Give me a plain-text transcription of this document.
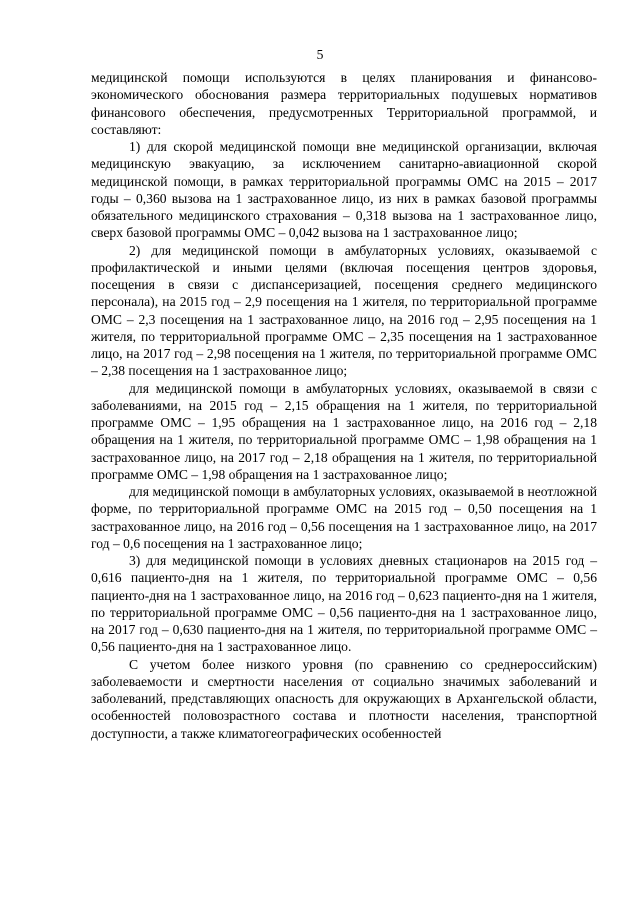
5

медицинской помощи используются в целях планирования и финансово-экономического обоснования размера территориальных подушевых нормативов финансового обеспечения, предусмотренных Территориальной программой, и составляют:

1) для скорой медицинской помощи вне медицинской организации, включая медицинскую эвакуацию, за исключением санитарно-авиационной скорой медицинской помощи, в рамках территориальной программы ОМС на 2015 – 2017 годы – 0,360 вызова на 1 застрахованное лицо, из них в рамках базовой программы обязательного медицинского страхования – 0,318 вызова на 1 застрахованное лицо, сверх базовой программы ОМС – 0,042 вызова на 1 застрахованное лицо;

2) для медицинской помощи в амбулаторных условиях, оказываемой с профилактической и иными целями (включая посещения центров здоровья, посещения в связи с диспансеризацией, посещения среднего медицинского персонала), на 2015 год – 2,9 посещения на 1 жителя, по территориальной программе ОМС – 2,3 посещения на 1 застрахованное лицо, на 2016 год – 2,95 посещения на 1 жителя, по территориальной программе ОМС – 2,35 посещения на 1 застрахованное лицо, на 2017 год – 2,98 посещения на 1 жителя, по территориальной программе ОМС – 2,38 посещения на 1 застрахованное лицо;

для медицинской помощи в амбулаторных условиях, оказываемой в связи с заболеваниями, на 2015 год – 2,15 обращения на 1 жителя, по территориальной программе ОМС – 1,95 обращения на 1 застрахованное лицо, на 2016 год – 2,18 обращения на 1 жителя, по территориальной программе ОМС – 1,98 обращения на 1 застрахованное лицо, на 2017 год – 2,18 обращения на 1 жителя, по территориальной программе ОМС – 1,98 обращения на 1 застрахованное лицо;

для медицинской помощи в амбулаторных условиях, оказываемой в неотложной форме, по территориальной программе ОМС на 2015 год – 0,50 посещения на 1 застрахованное лицо, на 2016 год – 0,56 посещения на 1 застрахованное лицо, на 2017 год – 0,6 посещения на 1 застрахованное лицо;

3) для медицинской помощи в условиях дневных стационаров на 2015 год – 0,616 пациенто-дня на 1 жителя, по территориальной программе ОМС – 0,56 пациенто-дня на 1 застрахованное лицо, на 2016 год – 0,623 пациенто-дня на 1 жителя, по территориальной программе ОМС – 0,56 пациенто-дня на 1 застрахованное лицо, на 2017 год – 0,630 пациенто-дня на 1 жителя, по территориальной программе ОМС – 0,56 пациенто-дня на 1 застрахованное лицо.

С учетом более низкого уровня (по сравнению со среднероссийским) заболеваемости и смертности населения от социально значимых заболеваний и заболеваний, представляющих опасность для окружающих в Архангельской области, особенностей половозрастного состава и плотности населения, транспортной доступности, а также климатогеографических особенностей
